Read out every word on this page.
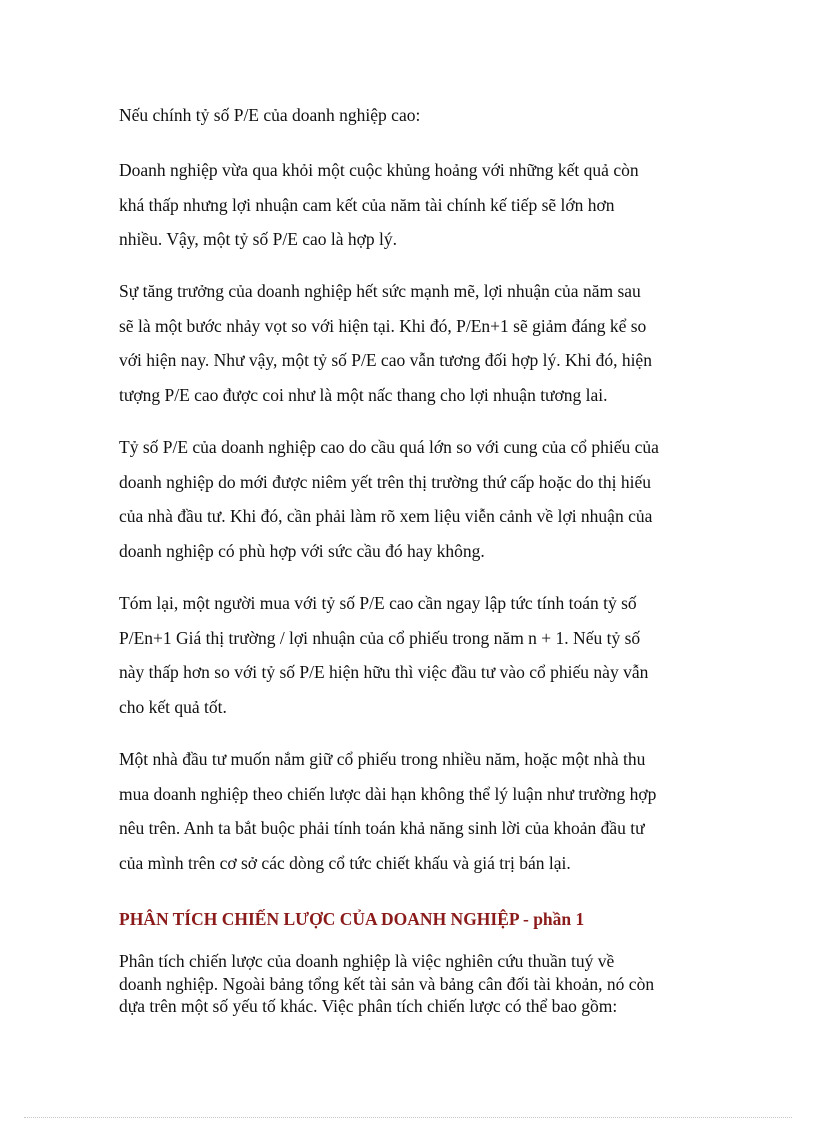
Nếu chính tỷ số P/E của doanh nghiệp cao:

Doanh nghiệp vừa qua khỏi một cuộc khủng hoảng với những kết quả còn
khá thấp nhưng lợi nhuận cam kết của năm tài chính kế tiếp sẽ lớn hơn
nhiều. Vậy, một tỷ số P/E cao là hợp lý.

Sự tăng trưởng của doanh nghiệp hết sức mạnh mẽ, lợi nhuận của năm sau
sẽ là một bước nhảy vọt so với hiện tại. Khi đó, P/En+1 sẽ giảm đáng kể so
với hiện nay. Như vậy, một tỷ số P/E cao vẫn tương đối hợp lý. Khi đó, hiện
tượng P/E cao được coi như là một nấc thang cho lợi nhuận tương lai.

Tỷ số P/E của doanh nghiệp cao do cầu quá lớn so với cung của cổ phiếu của
doanh nghiệp do mới được niêm yết trên thị trường thứ cấp hoặc do thị hiếu
của nhà đầu tư. Khi đó, cần phải làm rõ xem liệu viễn cảnh về lợi nhuận của
doanh nghiệp có phù hợp với sức cầu đó hay không.

Tóm lại, một người mua với tỷ số P/E cao cần ngay lập tức tính toán tỷ số
P/En+1 Giá thị trường / lợi nhuận của cổ phiếu trong năm n + 1. Nếu tỷ số
này thấp hơn so với tỷ số P/E hiện hữu thì việc đầu tư vào cổ phiếu này vẫn
cho kết quả tốt.

Một nhà đầu tư muốn nắm giữ cổ phiếu trong nhiều năm, hoặc một nhà thu
mua doanh nghiệp theo chiến lược dài hạn không thể lý luận như trường hợp
nêu trên. Anh ta bắt buộc phải tính toán khả năng sinh lời của khoản đầu tư
của mình trên cơ sở các dòng cổ tức chiết khấu và giá trị bán lại.

PHÂN TÍCH CHIẾN LƯỢC CỦA DOANH NGHIỆP - phần 1

Phân tích chiến lược của doanh nghiệp là việc nghiên cứu thuần tuý về
doanh nghiệp. Ngoài bảng tổng kết tài sản và bảng cân đối tài khoản, nó còn
dựa trên một số yếu tố khác. Việc phân tích chiến lược có thể bao gồm:
